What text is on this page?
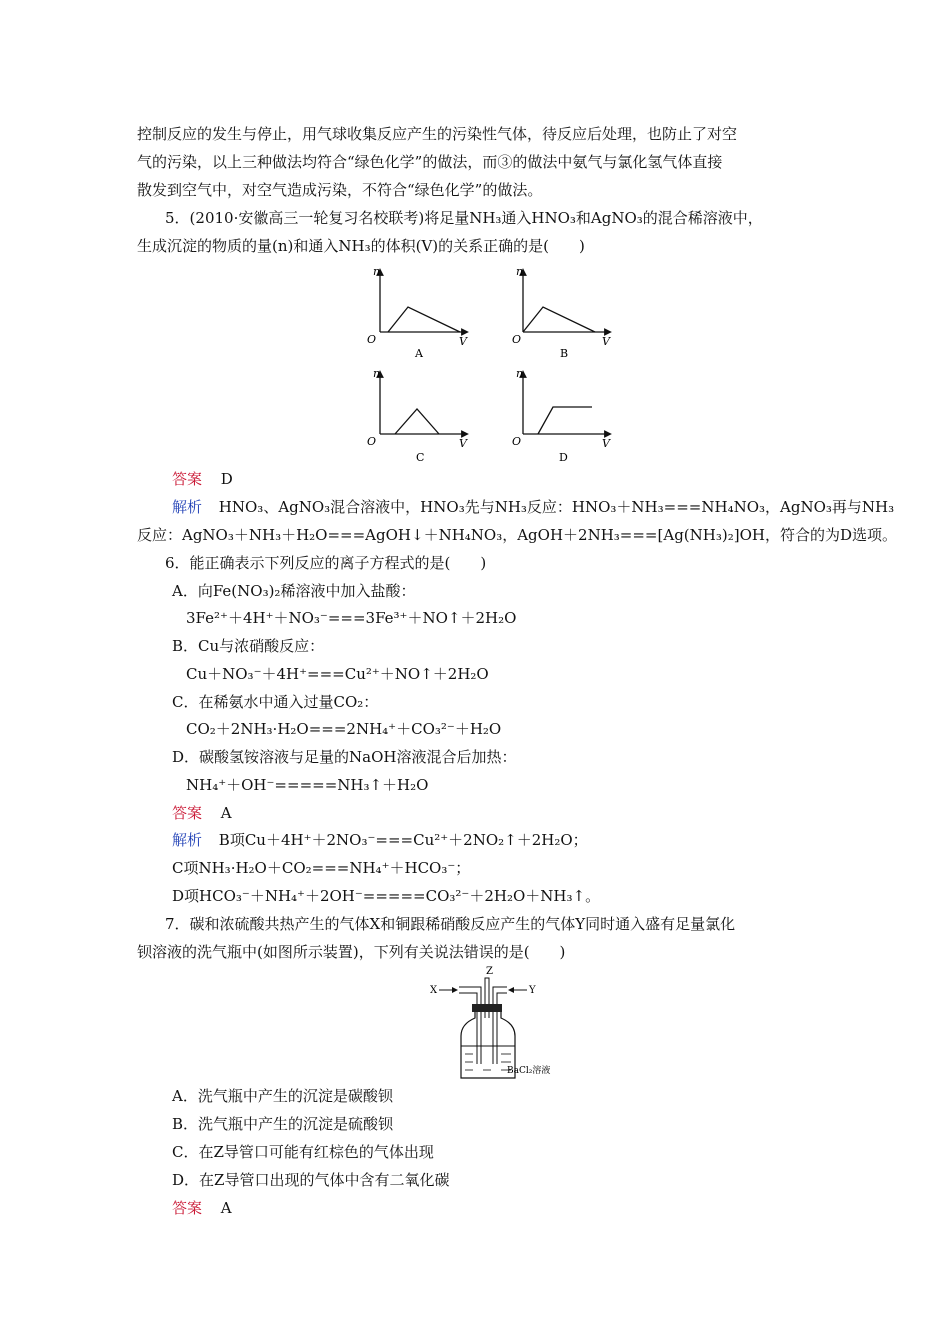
控制反应的发生与停止，用气球收集反应产生的污染性气体，待反应后处理，也防止了对空
气的污染，以上三种做法均符合“绿色化学”的做法，而③的做法中氨气与氯化氢气体直接
散发到空气中，对空气造成污染，不符合“绿色化学”的做法。
5．(2010·安徽高三一轮复习名校联考)将足量NH₃通入HNO₃和AgNO₃的混合稀溶液中，
生成沉淀的物质的量(n)和通入NH₃的体积(V)的关系正确的是(　　)
n
O	V
A
n
O	V
B
n
O	V
C
n
O	V
D
答案 D
解析 HNO₃、AgNO₃混合溶液中，HNO₃先与NH₃反应：HNO₃＋NH₃===NH₄NO₃，AgNO₃再与NH₃
反应：AgNO₃＋NH₃＋H₂O===AgOH↓＋NH₄NO₃，AgOH＋2NH₃===[Ag(NH₃)₂]OH，符合的为D选项。
6．能正确表示下列反应的离子方程式的是(　　)
A．向Fe(NO₃)₂稀溶液中加入盐酸：
3Fe²⁺＋4H⁺＋NO₃⁻===3Fe³⁺＋NO↑＋2H₂O
B．Cu与浓硝酸反应：
Cu＋NO₃⁻＋4H⁺===Cu²⁺＋NO↑＋2H₂O
C．在稀氨水中通入过量CO₂：
CO₂＋2NH₃·H₂O===2NH₄⁺＋CO₃²⁻＋H₂O
D．碳酸氢铵溶液与足量的NaOH溶液混合后加热：
NH₄⁺＋OH⁻=====NH₃↑＋H₂O
答案 A
解析 B项Cu＋4H⁺＋2NO₃⁻===Cu²⁺＋2NO₂↑＋2H₂O；
C项NH₃·H₂O＋CO₂===NH₄⁺＋HCO₃⁻；
D项HCO₃⁻＋NH₄⁺＋2OH⁻=====CO₃²⁻＋2H₂O＋NH₃↑。
7．碳和浓硫酸共热产生的气体X和铜跟稀硝酸反应产生的气体Y同时通入盛有足量氯化
钡溶液的洗气瓶中(如图所示装置)，下列有关说法错误的是(　　)
X	Y
Z
BaCl₂溶液
A．洗气瓶中产生的沉淀是碳酸钡
B．洗气瓶中产生的沉淀是硫酸钡
C．在Z导管口可能有红棕色的气体出现
D．在Z导管口出现的气体中含有二氧化碳
答案 A
